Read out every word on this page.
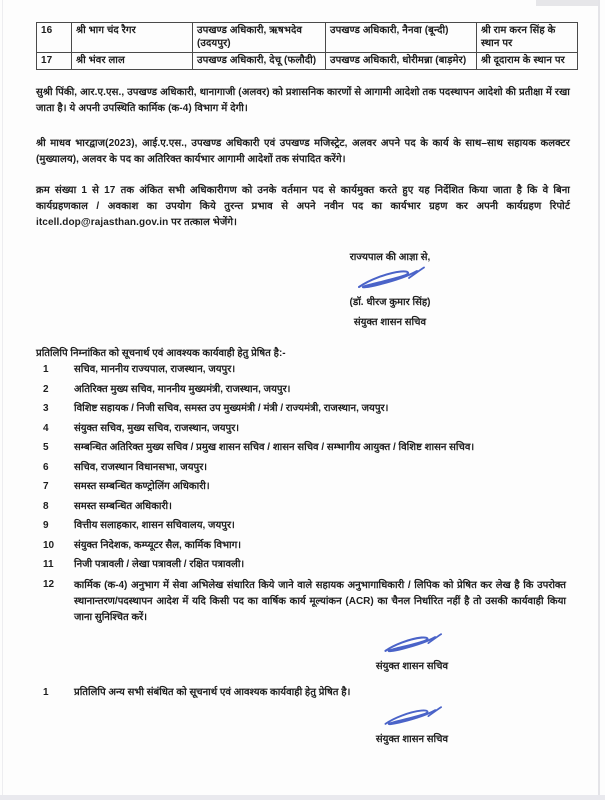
16	श्री भाग चंद रैगर	उपखण्ड अधिकारी, ऋषभदेव (उदयपुर)	उपखण्ड अधिकारी, नैनवा (बून्दी)	श्री राम करन सिंह के स्थान पर
17	श्री भंवर लाल	उपखण्ड अधिकारी, देचू (फलौदी)	उपखण्ड अधिकारी, धोरीमन्ना (बाड़मेर)	श्री दूदाराम के स्थान पर
सुश्री पिंकी, आर.ए.एस., उपखण्ड अधिकारी, थानागाजी (अलवर) को प्रशासनिक कारणों से आगामी आदेशो तक पदस्थापन आदेशो की प्रतीक्षा में रखा जाता है। ये अपनी उपस्थिति कार्मिक (क-4) विभाग में देगी।
श्री माधव भारद्वाज(2023), आई.ए.एस., उपखण्ड अधिकारी एवं उपखण्ड मजिस्ट्रेट, अलवर अपने पद के कार्य के साथ–साथ सहायक कलक्टर (मुख्यालय), अलवर के पद का अतिरिक्त कार्यभार आगामी आदेशों तक संपादित करेंगे।
क्रम संख्या 1 से 17 तक अंकित सभी अधिकारीगण को उनके वर्तमान पद से कार्यमुक्त करते हुए यह निर्देशित किया जाता है कि वे बिना कार्यग्रहणकाल / अवकाश का उपयोग किये तुरन्त प्रभाव से अपने नवीन पद का कार्यभार ग्रहण कर अपनी कार्यग्रहण रिपोर्ट itcell.dop@rajasthan.gov.in पर तत्काल भेजेंगे।
राज्यपाल की आज्ञा से,
(डॉ. धीरज कुमार सिंह)
संयुक्त शासन सचिव
प्रतिलिपि निम्नांकित को सूचनार्थ एवं आवश्यक कार्यवाही हेतु प्रेषित है:-
1	सचिव, माननीय राज्यपाल, राजस्थान, जयपुर।
2	अतिरिक्त मुख्य सचिव, माननीय मुख्यमंत्री, राजस्थान, जयपुर।
3	विशिष्ट सहायक / निजी सचिव, समस्त उप मुख्यमंत्री / मंत्री / राज्यमंत्री, राजस्थान, जयपुर।
4	संयुक्त सचिव, मुख्य सचिव, राजस्थान, जयपुर।
5	सम्बन्धित अतिरिक्त मुख्य सचिव / प्रमुख शासन सचिव / शासन सचिव / सम्भागीय आयुक्त / विशिष्ट शासन सचिव।
6	सचिव, राजस्थान विधानसभा, जयपुर।
7	समस्त सम्बन्धित कण्ट्रोलिंग अधिकारी।
8	समस्त सम्बन्धित अधिकारी।
9	वित्तीय सलाहकार, शासन सचिवालय, जयपुर।
10	संयुक्त निदेशक, कम्प्यूटर सैल, कार्मिक विभाग।
11	निजी पत्रावली / लेखा पत्रावली / रक्षित पत्रावली।
12	कार्मिक (क-4) अनुभाग में सेवा अभिलेख संधारित किये जाने वाले सहायक अनुभागाधिकारी / लिपिक को प्रेषित कर लेख है कि उपरोक्त स्थानान्तरण/पदस्थापन आदेश में यदि किसी पद का वार्षिक कार्य मूल्यांकन (ACR) का चैनल निर्धारित नहीं है तो उसकी कार्यवाही किया जाना सुनिश्चित करें।
संयुक्त शासन सचिव
1	प्रतिलिपि अन्य सभी संबंधित को सूचनार्थ एवं आवश्यक कार्यवाही हेतु प्रेषित है।
संयुक्त शासन सचिव
